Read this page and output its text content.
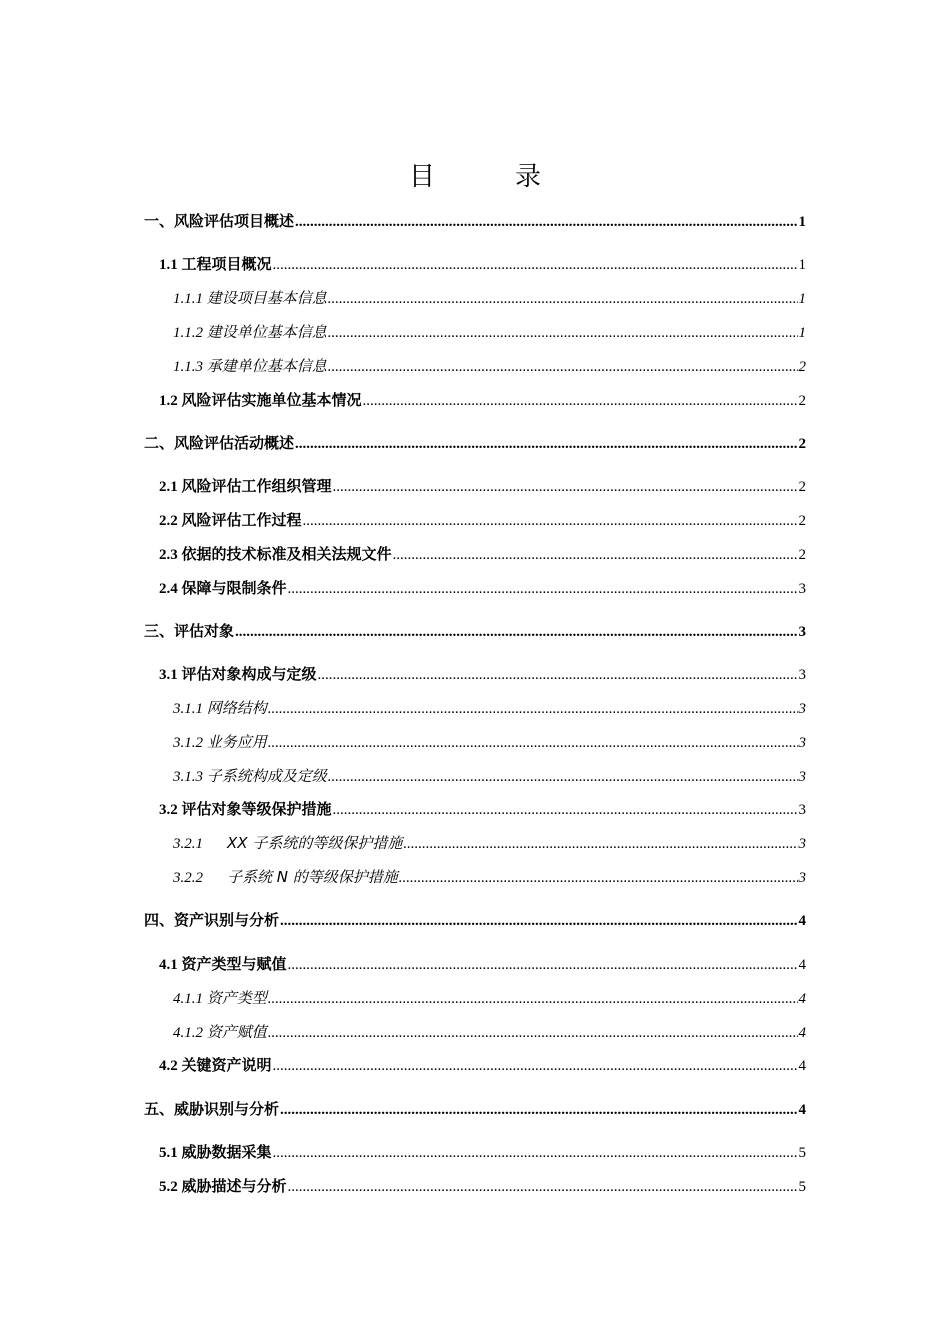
目	录
一、风险评估项目概述 .....	1
1.1 工程项目概况 .....	1
1.1.1 建设项目基本信息 .....	1
1.1.2 建设单位基本信息 .....	1
1.1.3 承建单位基本信息 .....	2
1.2 风险评估实施单位基本情况 .....	2
二、风险评估活动概述 .....	2
2.1 风险评估工作组织管理 .....	2
2.2 风险评估工作过程 .....	2
2.3 依据的技术标准及相关法规文件 .....	2
2.4 保障与限制条件 .....	3
三、评估对象 .....	3
3.1 评估对象构成与定级 .....	3
3.1.1 网络结构 .....	3
3.1.2 业务应用 .....	3
3.1.3 子系统构成及定级 .....	3
3.2 评估对象等级保护措施 .....	3
3.2.1 XX 子系统的等级保护措施 .....	3
3.2.2 子系统 N 的等级保护措施 .....	3
四、资产识别与分析 .....	4
4.1 资产类型与赋值 .....	4
4.1.1 资产类型 .....	4
4.1.2 资产赋值 .....	4
4.2 关键资产说明 .....	4
五、威胁识别与分析 .....	4
5.1 威胁数据采集 .....	5
5.2 威胁描述与分析 .....	5
